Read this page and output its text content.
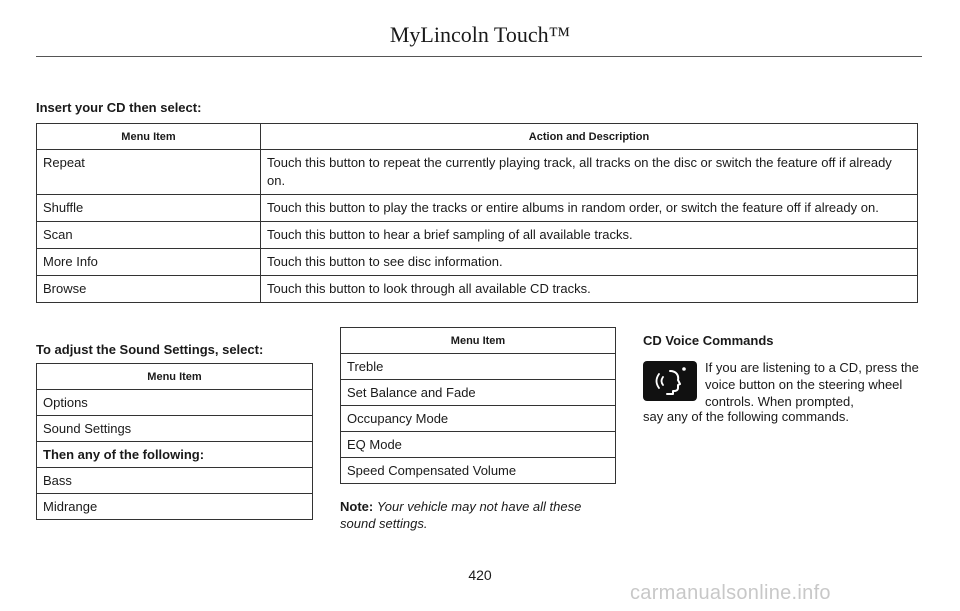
MyLincoln Touch™
Insert your CD then select:
Menu Item	Action and Description
Repeat	Touch this button to repeat the currently playing track, all tracks on the disc or switch the feature off if already on.
Shuffle	Touch this button to play the tracks or entire albums in random order, or switch the feature off if already on.
Scan	Touch this button to hear a brief sampling of all available tracks.
More Info	Touch this button to see disc information.
Browse	Touch this button to look through all available CD tracks.
To adjust the Sound Settings, select:
Menu Item
Options
Sound Settings
Then any of the following:
Bass
Midrange
Menu Item
Treble
Set Balance and Fade
Occupancy Mode
EQ Mode
Speed Compensated Volume
Note: Your vehicle may not have all these sound settings.
CD Voice Commands
If you are listening to a CD, press the voice button on the steering wheel controls. When prompted,
say any of the following commands.
420
carmanualsonline.info
